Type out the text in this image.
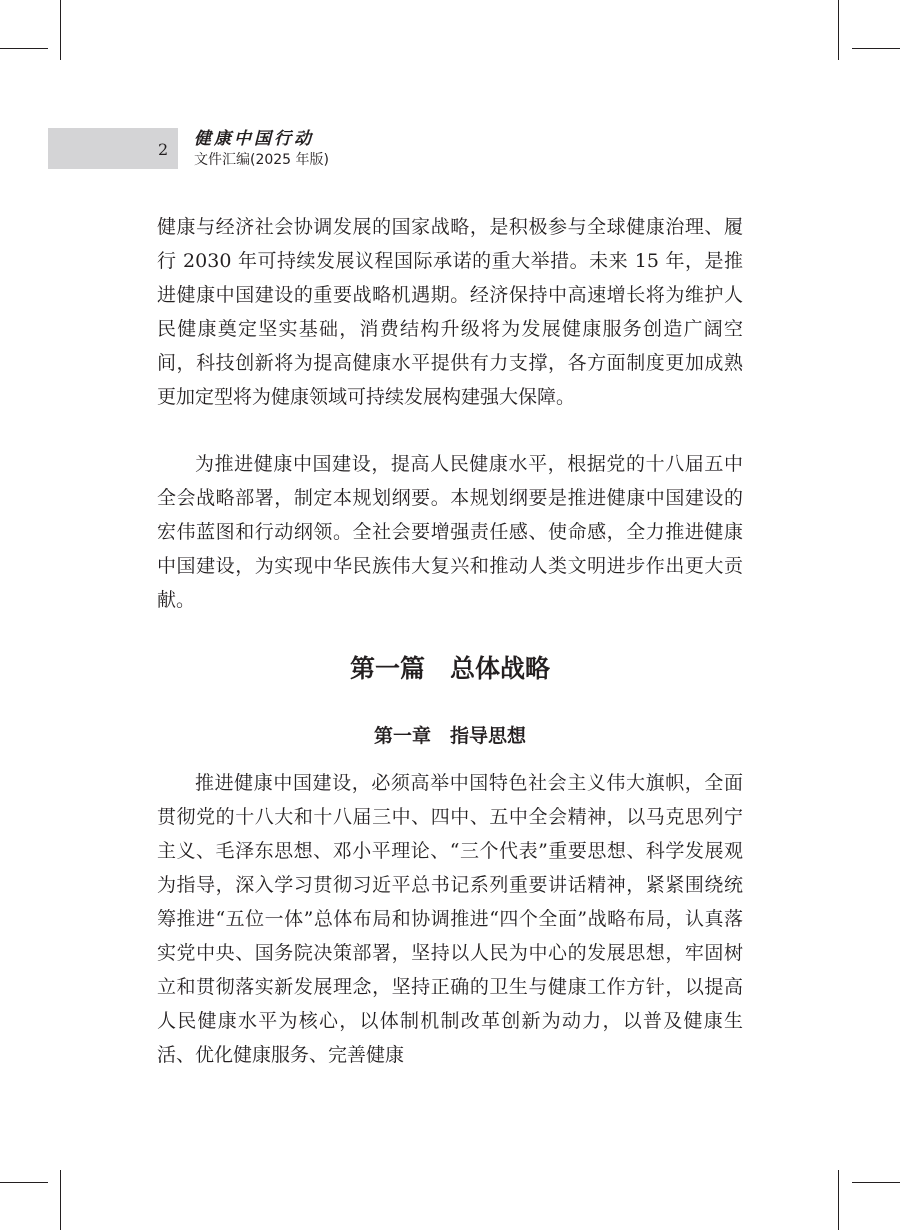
2
健康中国行动
文件汇编(2025 年版)

健康与经济社会协调发展的国家战略，是积极参与全球健康治理、履行 2030 年可持续发展议程国际承诺的重大举措。未来 15 年，是推进健康中国建设的重要战略机遇期。经济保持中高速增长将为维护人民健康奠定坚实基础，消费结构升级将为发展健康服务创造广阔空间，科技创新将为提高健康水平提供有力支撑，各方面制度更加成熟更加定型将为健康领域可持续发展构建强大保障。

为推进健康中国建设，提高人民健康水平，根据党的十八届五中全会战略部署，制定本规划纲要。本规划纲要是推进健康中国建设的宏伟蓝图和行动纲领。全社会要增强责任感、使命感，全力推进健康中国建设，为实现中华民族伟大复兴和推动人类文明进步作出更大贡献。

第一篇　总体战略
第一章　指导思想

推进健康中国建设，必须高举中国特色社会主义伟大旗帜，全面贯彻党的十八大和十八届三中、四中、五中全会精神，以马克思列宁主义、毛泽东思想、邓小平理论、“三个代表”重要思想、科学发展观为指导，深入学习贯彻习近平总书记系列重要讲话精神，紧紧围绕统筹推进“五位一体”总体布局和协调推进“四个全面”战略布局，认真落实党中央、国务院决策部署，坚持以人民为中心的发展思想，牢固树立和贯彻落实新发展理念，坚持正确的卫生与健康工作方针，以提高人民健康水平为核心，以体制机制改革创新为动力，以普及健康生活、优化健康服务、完善健康
